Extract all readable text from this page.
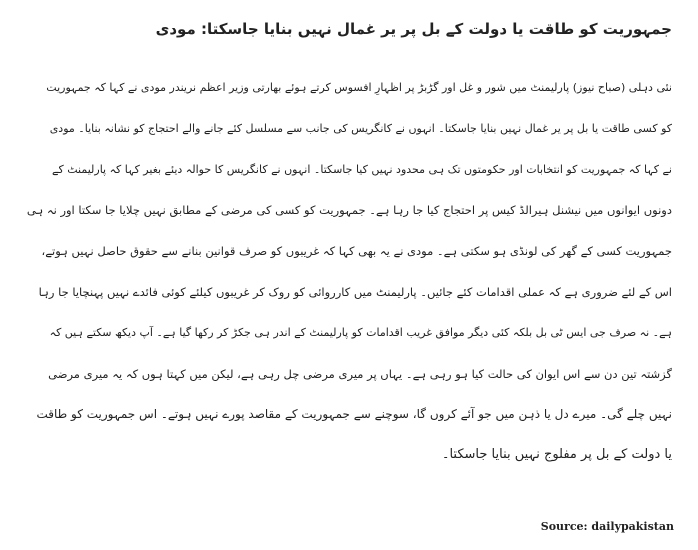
جمہوریت کو طاقت یا دولت کے بل پر یر غمال نہیں بنایا جاسکتا: مودی
نئی دہلی (صباح نیوز) پارلیمنٹ میں شور و غل اور گڑبڑ پر اظہارِ افسوس کرتے ہوئے بھارتی وزیر اعظم نریندر مودی نے کہا کہ جمہوریت
کو کسی طاقت یا بل پر یر غمال نہیں بنایا جاسکتا۔ انہوں نے کانگریس کی جانب سے مسلسل کئے جانے والے احتجاج کو نشانہ بنایا۔ مودی
نے کہا کہ جمہوریت کو انتخابات اور حکومتوں تک ہی محدود نہیں کیا جاسکتا۔ انہوں نے کانگریس کا حوالہ دیئے بغیر کہا کہ پارلیمنٹ کے
دونوں ایوانوں میں نیشنل ہیرالڈ کیس پر احتجاج کیا جا رہا ہے۔ جمہوریت کو کسی کی مرضی کے مطابق نہیں چلایا جا سکتا اور نہ ہی
جمہوریت کسی کے گھر کی لونڈی ہو سکتی ہے۔ مودی نے یہ بھی کہا کہ غریبوں کو صرف قوانین بنانے سے حقوق حاصل نہیں ہوتے،
اس کے لئے ضروری ہے کہ عملی اقدامات کئے جائیں۔ پارلیمنٹ میں کارروائی کو روک کر غریبوں کیلئے کوئی فائدے نہیں پہنچایا جا رہا
ہے۔ نہ صرف جی ایس ٹی بل بلکہ کئی دیگر موافق غریب اقدامات کو پارلیمنٹ کے اندر ہی جکڑ کر رکھا گیا ہے۔ آپ دیکھ سکتے ہیں کہ
گزشتہ تین دن سے اس ایوان کی حالت کیا ہو رہی ہے۔ یہاں پر میری مرضی چل رہی ہے، لیکن میں کہتا ہوں کہ یہ میری مرضی
نہیں چلے گی۔ میرے دل یا ذہن میں جو آئے کروں گا، سوچنے سے جمہوریت کے مقاصد پورے نہیں ہوتے۔ اس جمہوریت کو طاقت
یا دولت کے بل پر مفلوج نہیں بنایا جاسکتا۔
Source: dailypakistan
